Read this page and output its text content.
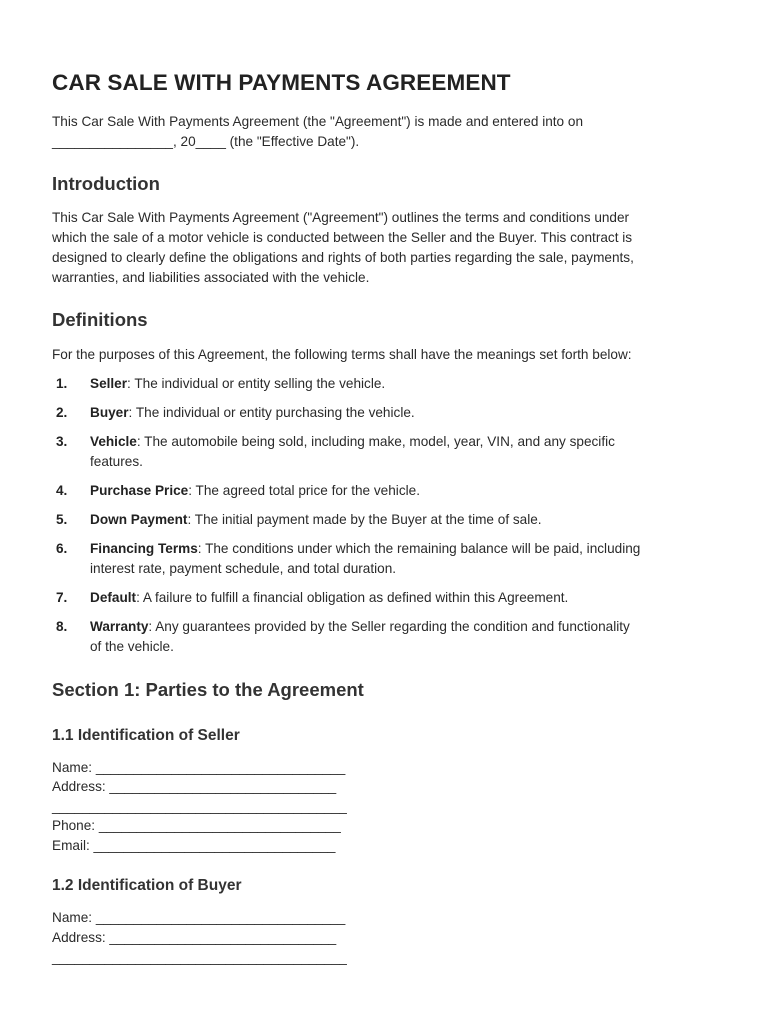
CAR SALE WITH PAYMENTS AGREEMENT
This Car Sale With Payments Agreement (the "Agreement") is made and entered into on
________________, 20____ (the "Effective Date").
Introduction
This Car Sale With Payments Agreement ("Agreement") outlines the terms and conditions under
which the sale of a motor vehicle is conducted between the Seller and the Buyer. This contract is
designed to clearly define the obligations and rights of both parties regarding the sale, payments,
warranties, and liabilities associated with the vehicle.
Definitions
For the purposes of this Agreement, the following terms shall have the meanings set forth below:
1. Seller: The individual or entity selling the vehicle.
2. Buyer: The individual or entity purchasing the vehicle.
3. Vehicle: The automobile being sold, including make, model, year, VIN, and any specific
features.
4. Purchase Price: The agreed total price for the vehicle.
5. Down Payment: The initial payment made by the Buyer at the time of sale.
6. Financing Terms: The conditions under which the remaining balance will be paid, including
interest rate, payment schedule, and total duration.
7. Default: A failure to fulfill a financial obligation as defined within this Agreement.
8. Warranty: Any guarantees provided by the Seller regarding the condition and functionality
of the vehicle.
Section 1: Parties to the Agreement
1.1 Identification of Seller
Name: _________________________________
Address: ______________________________
_______________________________________
Phone: ________________________________
Email: ________________________________
1.2 Identification of Buyer
Name: _________________________________
Address: ______________________________
_______________________________________
